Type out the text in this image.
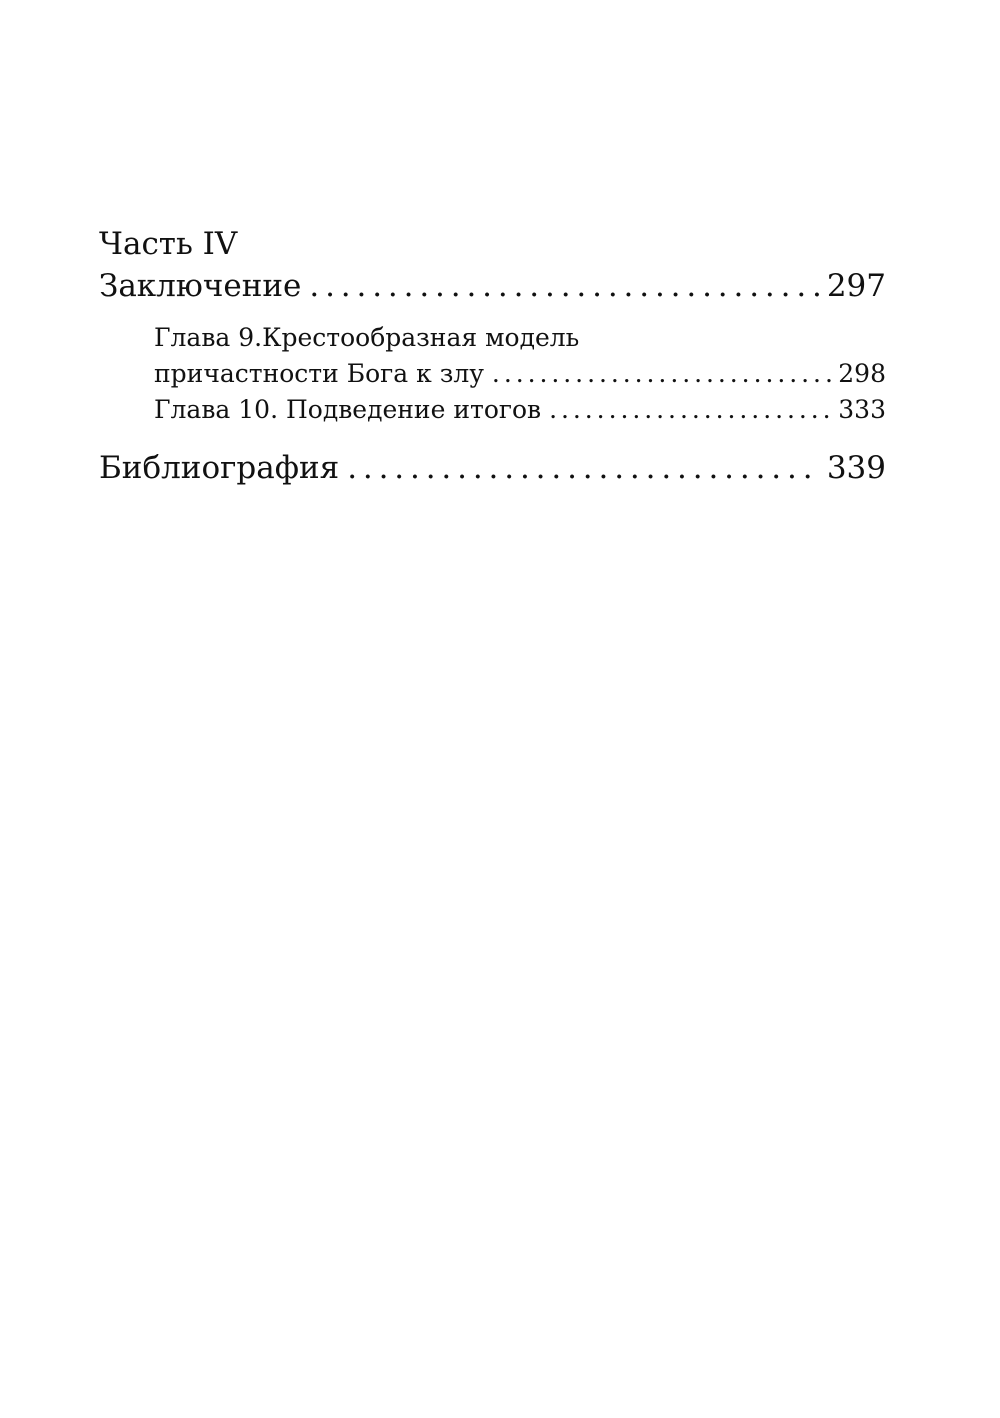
Часть IV
Заключение . . .	297
Глава 9.Крестообразная модель
причастности Бога к злу . . .	298
Глава 10. Подведение итогов . . .	333
Библиография . . .	339
